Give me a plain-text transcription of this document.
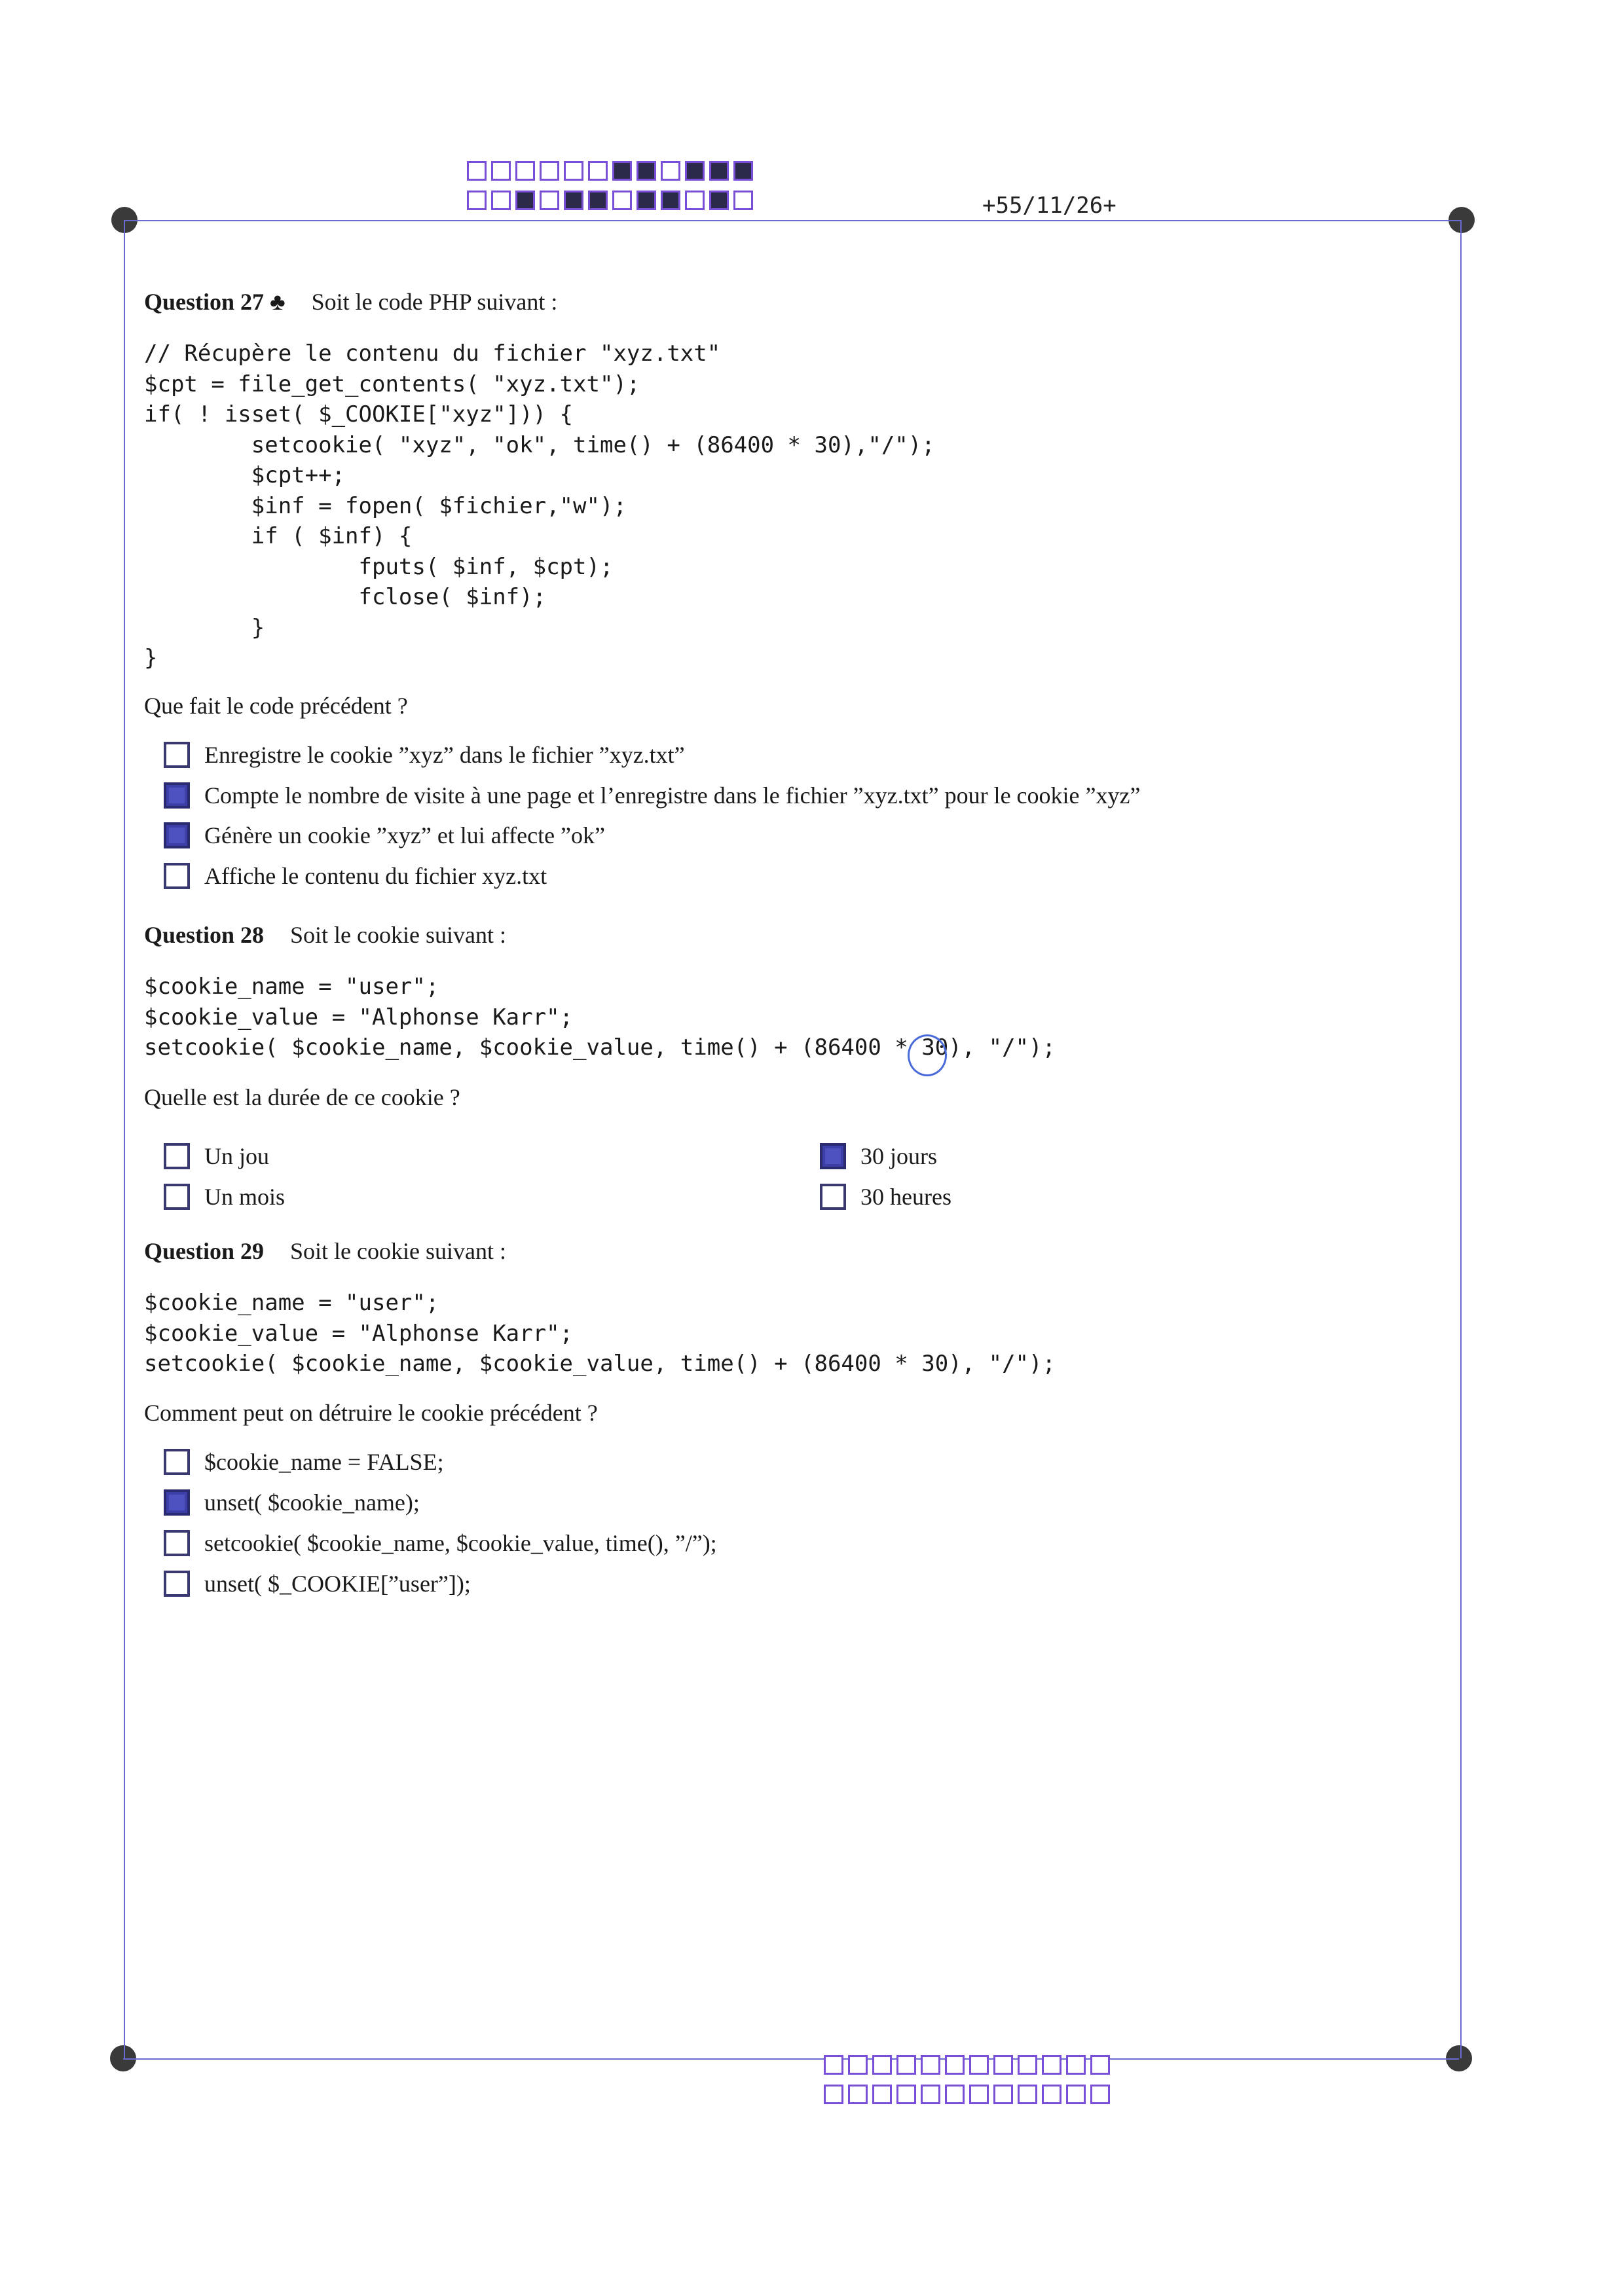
+55/11/26+
Question 27 ♣ Soit le code PHP suivant :
// Récupère le contenu du fichier "xyz.txt"
$cpt = file_get_contents( "xyz.txt");
if( ! isset( $_COOKIE["xyz"])) {
setcookie( "xyz", "ok", time() + (86400 * 30),"/");
$cpt++;
$inf = fopen( $fichier,"w");
if ( $inf) {
fputs( $inf, $cpt);
fclose( $inf);
}
}
Que fait le code précédent ?
Enregistre le cookie ”xyz” dans le fichier ”xyz.txt”
Compte le nombre de visite à une page et l’enregistre dans le fichier ”xyz.txt” pour le cookie ”xyz”
Génère un cookie ”xyz” et lui affecte ”ok”
Affiche le contenu du fichier xyz.txt
Question 28 Soit le cookie suivant :
$cookie_name = "user";
$cookie_value = "Alphonse Karr";
setcookie( $cookie_name, $cookie_value, time() + (86400 * 30), "/");
Quelle est la durée de ce cookie ?
Un jou	30 jours
Un mois	30 heures
Question 29 Soit le cookie suivant :
$cookie_name = "user";
$cookie_value = "Alphonse Karr";
setcookie( $cookie_name, $cookie_value, time() + (86400 * 30), "/");
Comment peut on détruire le cookie précédent ?
$cookie_name = FALSE;
unset( $cookie_name);
setcookie( $cookie_name, $cookie_value, time(), ”/”);
unset( $_COOKIE[”user”]);
